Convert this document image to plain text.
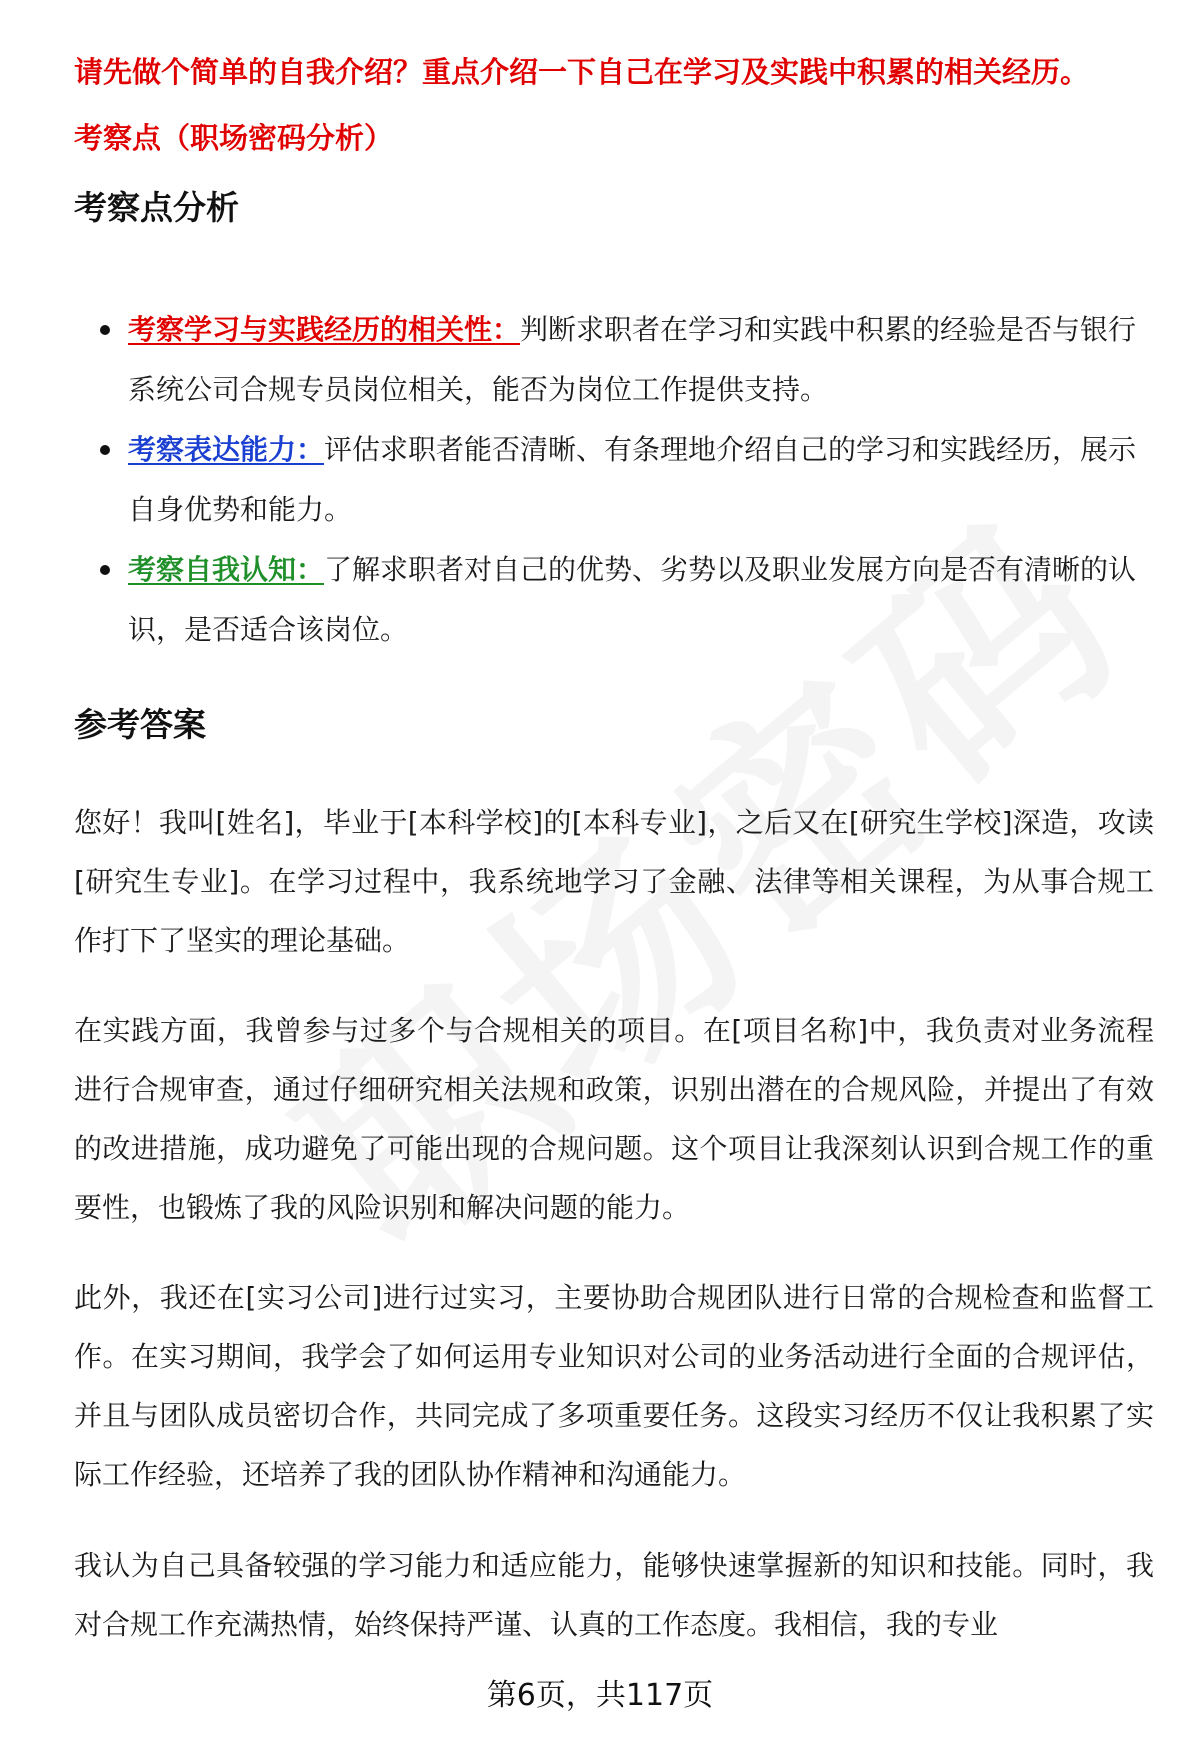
请先做个简单的自我介绍？重点介绍一下自己在学习及实践中积累的相关经历。
考察点（职场密码分析）
考察点分析
考察学习与实践经历的相关性：判断求职者在学习和实践中积累的经验是否与银行系统公司合规专员岗位相关，能否为岗位工作提供支持。
考察表达能力：评估求职者能否清晰、有条理地介绍自己的学习和实践经历，展示自身优势和能力。
考察自我认知：了解求职者对自己的优势、劣势以及职业发展方向是否有清晰的认识，是否适合该岗位。
参考答案

您好！我叫[姓名]，毕业于[本科学校]的[本科专业]，之后又在[研究生学校]深造，攻读[研究生专业]。在学习过程中，我系统地学习了金融、法律等相关课程，为从事合规工作打下了坚实的理论基础。

在实践方面，我曾参与过多个与合规相关的项目。在[项目名称]中，我负责对业务流程进行合规审查，通过仔细研究相关法规和政策，识别出潜在的合规风险，并提出了有效的改进措施，成功避免了可能出现的合规问题。这个项目让我深刻认识到合规工作的重要性，也锻炼了我的风险识别和解决问题的能力。

此外，我还在[实习公司]进行过实习，主要协助合规团队进行日常的合规检查和监督工作。在实习期间，我学会了如何运用专业知识对公司的业务活动进行全面的合规评估，并且与团队成员密切合作，共同完成了多项重要任务。这段实习经历不仅让我积累了实际工作经验，还培养了我的团队协作精神和沟通能力。

我认为自己具备较强的学习能力和适应能力，能够快速掌握新的知识和技能。同时，我对合规工作充满热情，始终保持严谨、认真的工作态度。我相信，我的专业

第6页，共117页
